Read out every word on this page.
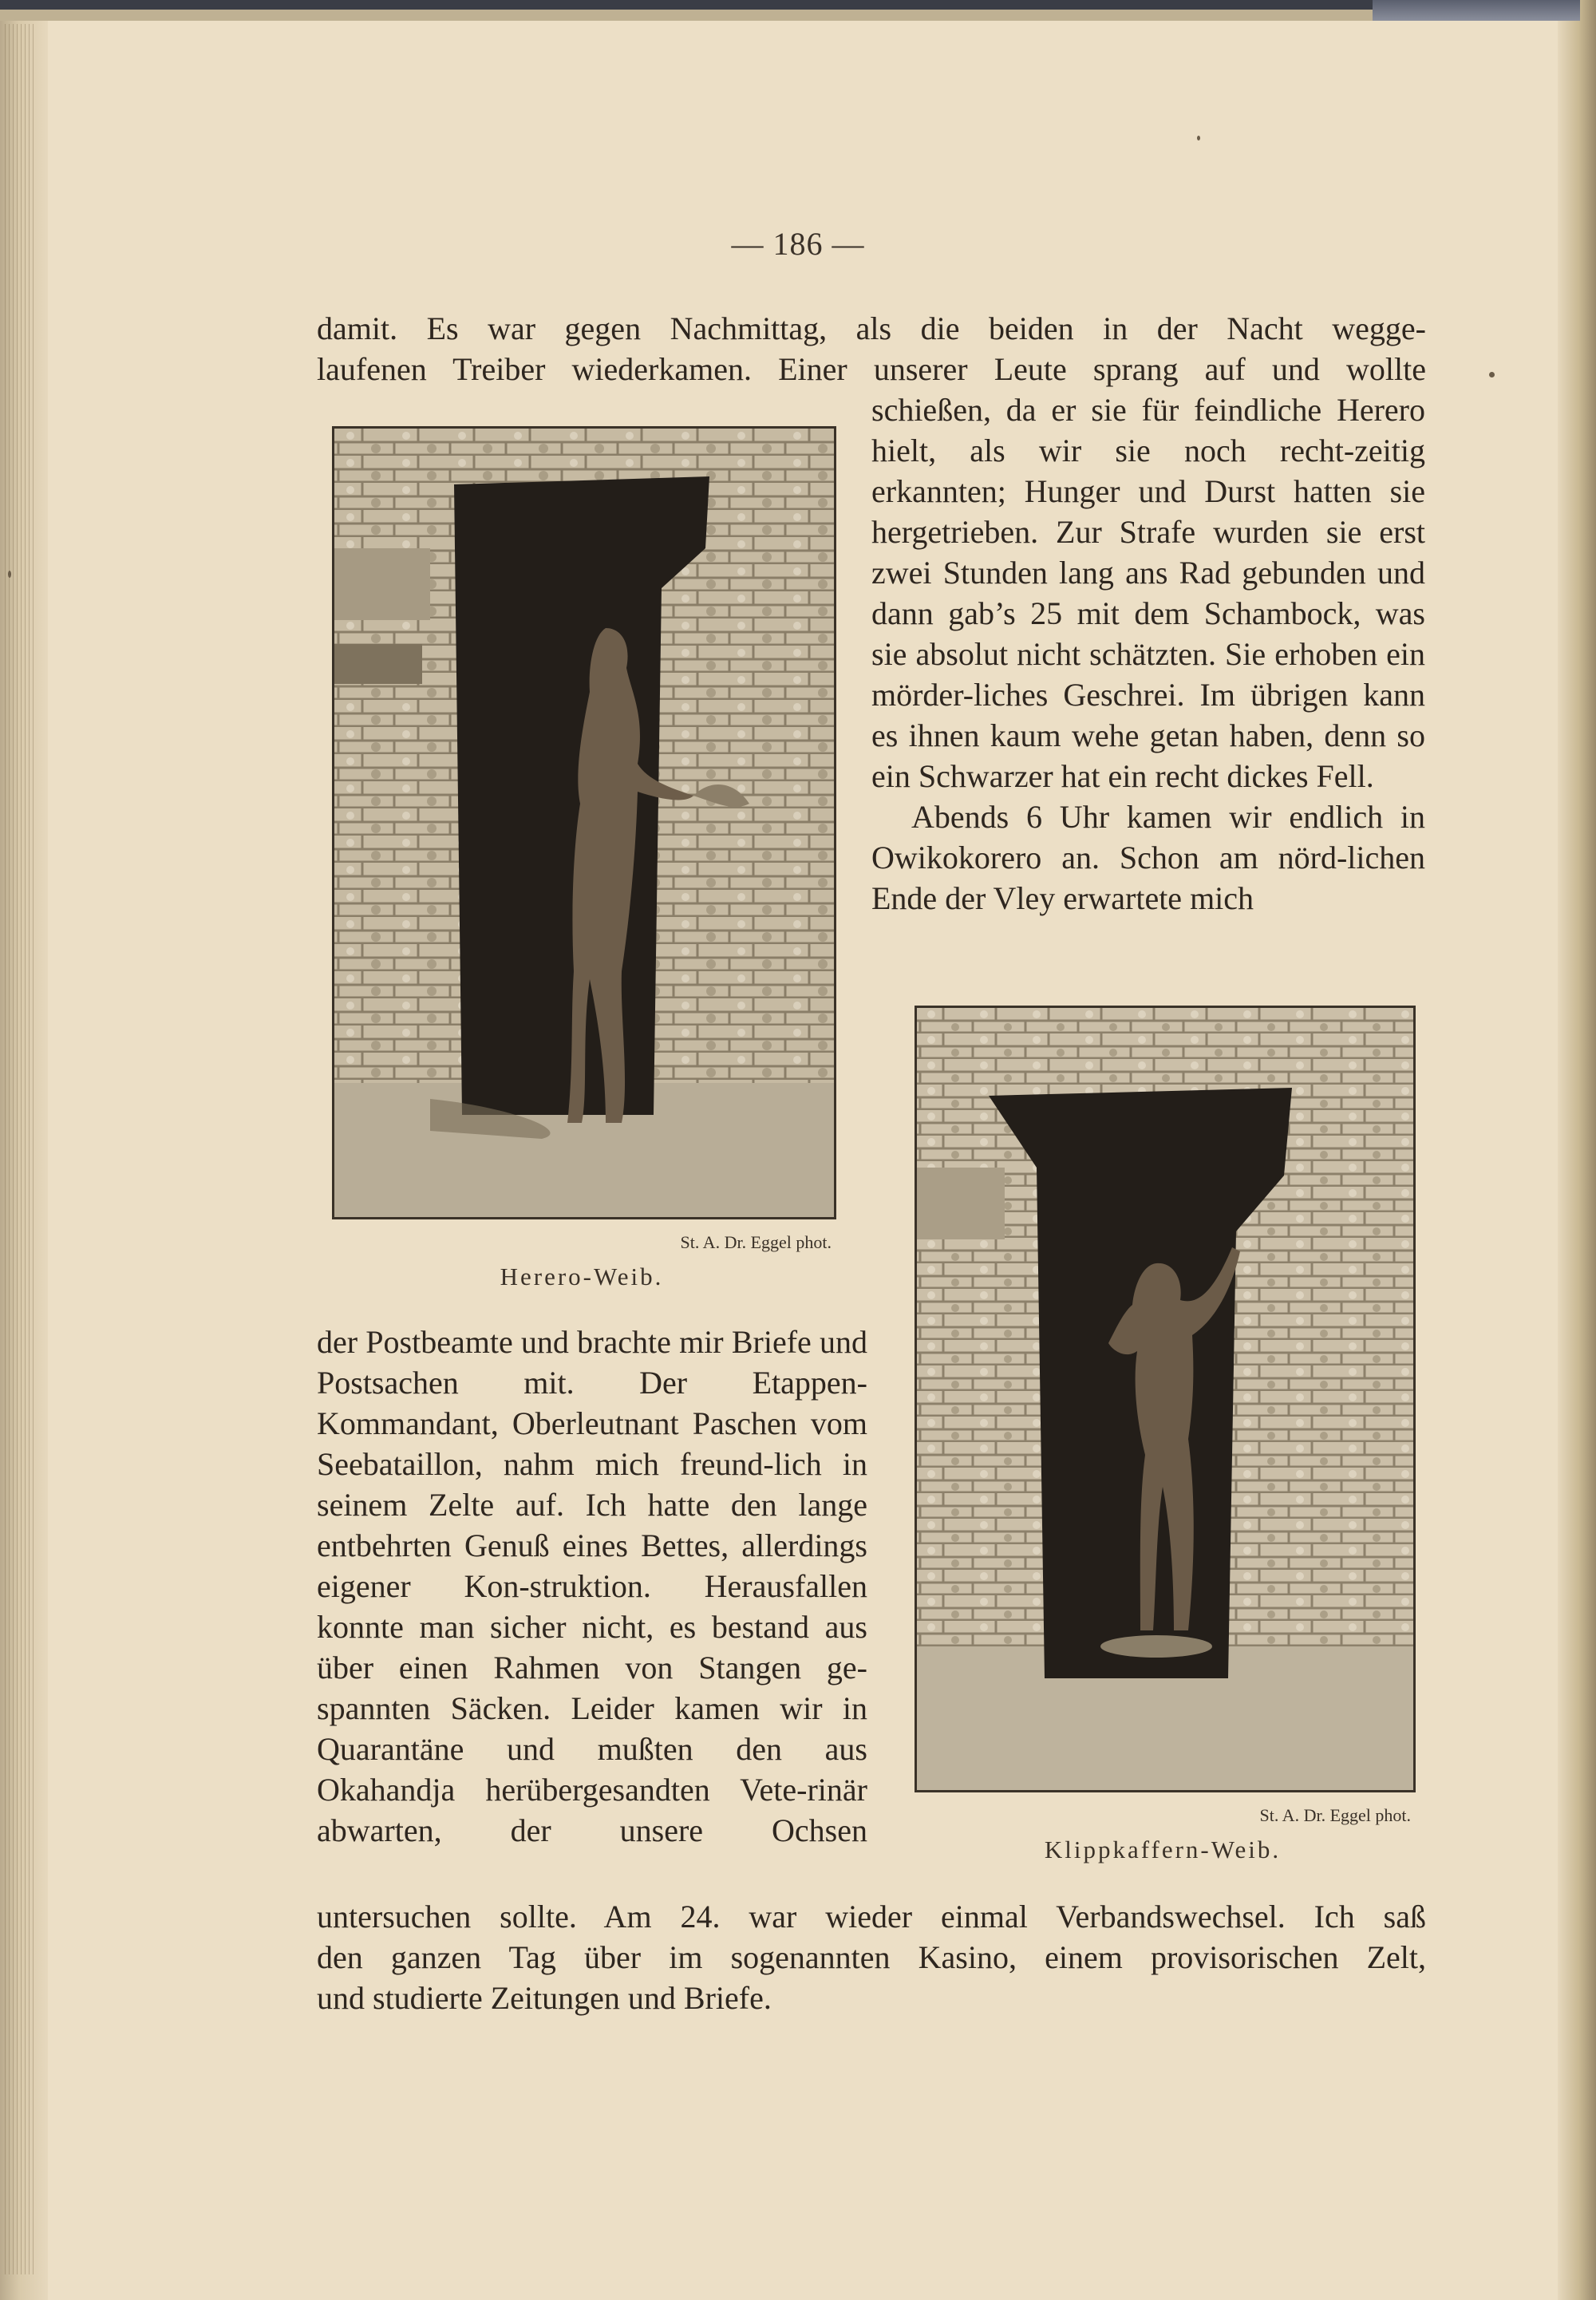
— 186 —

damit. Es war gegen Nachmittag, als die beiden in der Nacht wegge-

laufenen Treiber wiederkamen. Einer unserer Leute sprang auf und wollte

schießen, da er sie für feindliche Herero hielt, als wir sie noch recht-zeitig erkannten; Hunger und Durst hatten sie hergetrieben. Zur Strafe wurden sie erst zwei Stunden lang ans Rad gebunden und dann gab’s 25 mit dem Schambock, was sie absolut nicht schätzten. Sie erhoben ein mörder-liches Geschrei. Im übrigen kann es ihnen kaum wehe getan haben, denn so ein Schwarzer hat ein recht dickes Fell.

Abends 6 Uhr kamen wir endlich in Owikokorero an. Schon am nörd-lichen Ende der Vley erwartete mich

St. A. Dr. Eggel phot.
Herero-Weib.
St. A. Dr. Eggel phot.
Klippkaffern-Weib.

der Postbeamte und brachte mir Briefe und Postsachen mit. Der Etappen-Kommandant, Oberleutnant Paschen vom Seebataillon, nahm mich freund-lich in seinem Zelte auf. Ich hatte den lange entbehrten Genuß eines Bettes, allerdings eigener Kon-struktion. Herausfallen konnte man sicher nicht, es bestand aus über einen Rahmen von Stangen ge-spannten Säcken. Leider kamen wir in Quarantäne und mußten den aus Okahandja herübergesandten Vete-rinär abwarten, der unsere Ochsen

untersuchen sollte. Am 24. war wieder einmal Verbandswechsel. Ich saß

den ganzen Tag über im sogenannten Kasino, einem provisorischen Zelt,

und studierte Zeitungen und Briefe.
